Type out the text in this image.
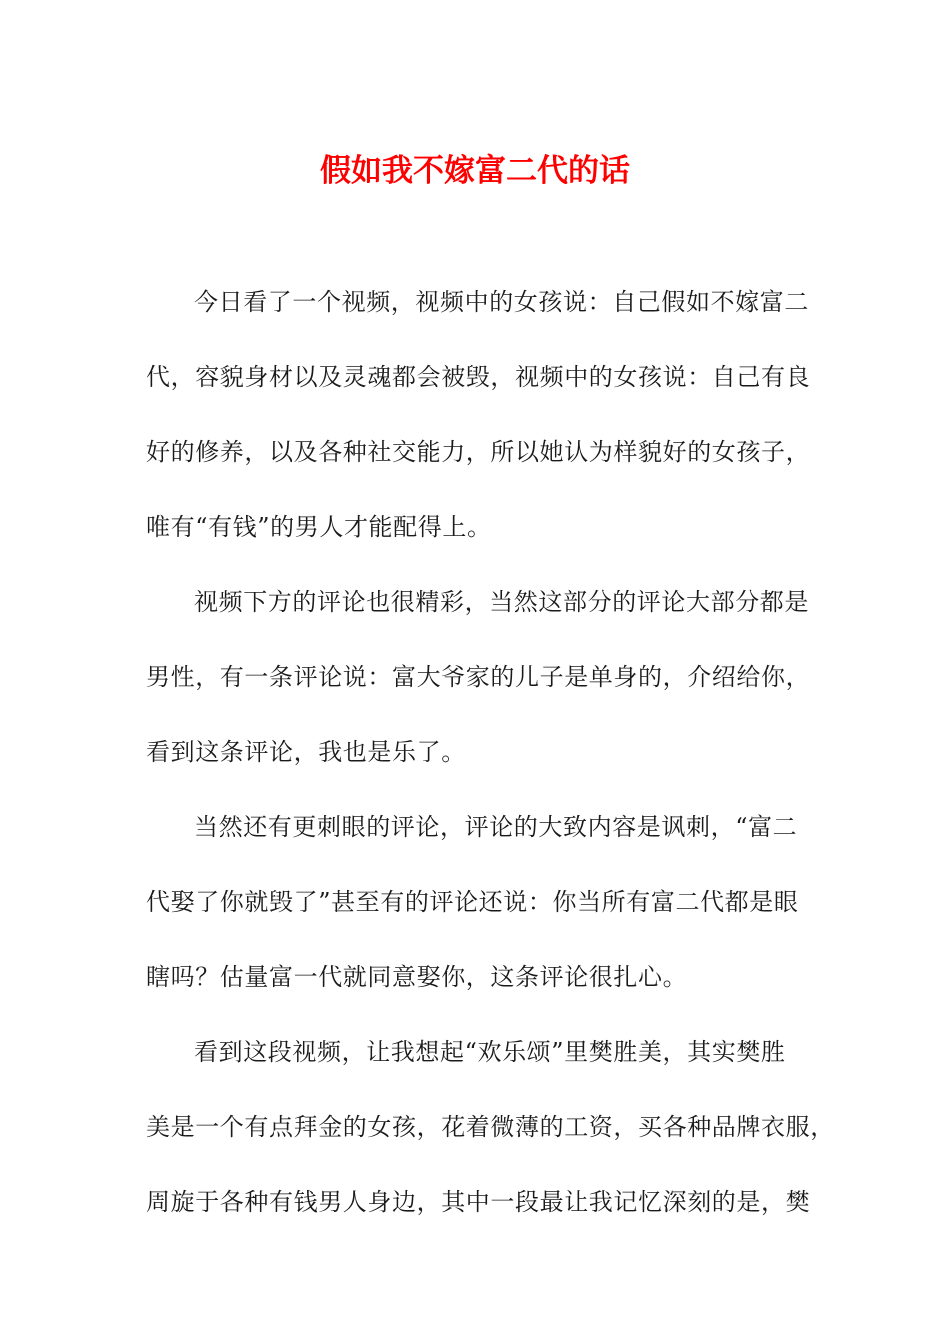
假如我不嫁富二代的话
今日看了一个视频，视频中的女孩说：自己假如不嫁富二
代，容貌身材以及灵魂都会被毁，视频中的女孩说：自己有良
好的修养，以及各种社交能力，所以她认为样貌好的女孩子，
唯有“有钱”的男人才能配得上。
视频下方的评论也很精彩，当然这部分的评论大部分都是
男性，有一条评论说：富大爷家的儿子是单身的，介绍给你，
看到这条评论，我也是乐了。
当然还有更刺眼的评论，评论的大致内容是讽刺，“富二
代娶了你就毁了”甚至有的评论还说：你当所有富二代都是眼
瞎吗？估量富一代就同意娶你，这条评论很扎心。
看到这段视频，让我想起“欢乐颂”里樊胜美，其实樊胜
美是一个有点拜金的女孩，花着微薄的工资，买各种品牌衣服，
周旋于各种有钱男人身边，其中一段最让我记忆深刻的是，樊
